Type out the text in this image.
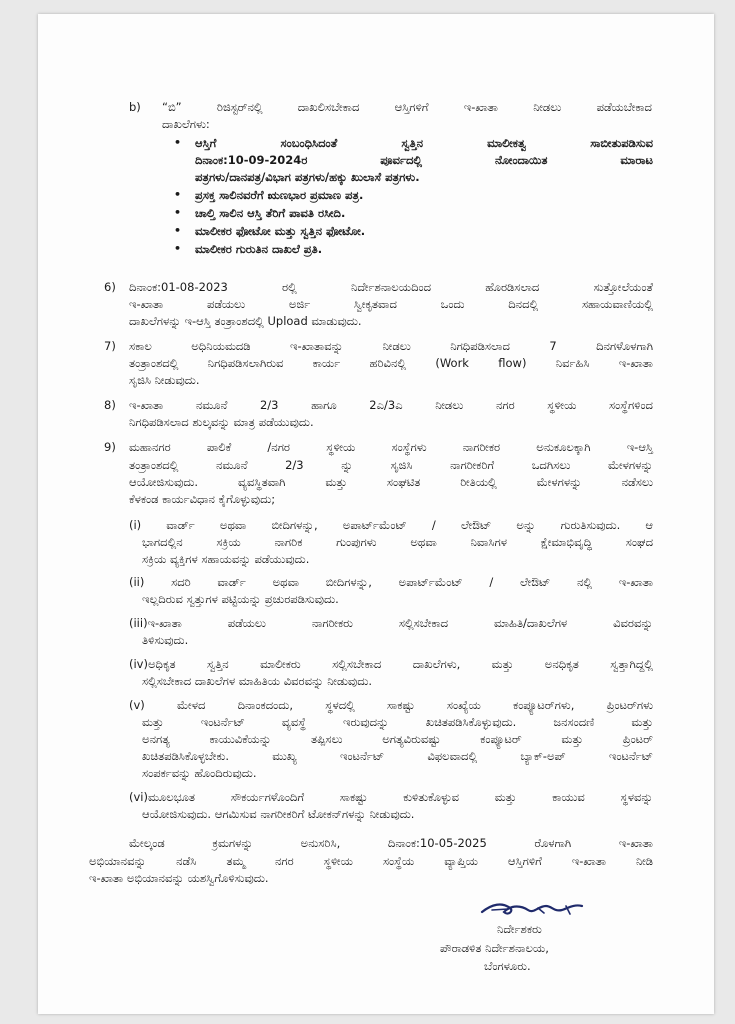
b) “ಬಿ” ರಿಜಿಸ್ಟರ್‌ನಲ್ಲಿ ದಾಖಲಿಸಬೇಕಾದ ಆಸ್ತಿಗಳಿಗೆ ಇ-ಖಾತಾ ನೀಡಲು ಪಡೆಯಬೇಕಾದ
ದಾಖಲೆಗಳು:
• ಆಸ್ತಿಗೆ ಸಂಬಂಧಿಸಿದಂತೆ ಸ್ವತ್ತಿನ ಮಾಲೀಕತ್ವ ಸಾಬೀತುಪಡಿಸುವ
ದಿನಾಂಕ:10-09-2024ರ ಪೂರ್ವದಲ್ಲಿ ನೋಂದಾಯಿತ ಮಾರಾಟ
ಪತ್ರಗಳು/ದಾನಪತ್ರ/ವಿಭಾಗ ಪತ್ರಗಳು/ಹಕ್ಕು ಖುಲಾಸೆ ಪತ್ರಗಳು.
• ಪ್ರಸಕ್ತ ಸಾಲಿನವರೆಗೆ ಋಣಭಾರ ಪ್ರಮಾಣ ಪತ್ರ.
• ಚಾಲ್ತಿ ಸಾಲಿನ ಆಸ್ತಿ ತೆರಿಗೆ ಪಾವತಿ ರಸೀದಿ.
• ಮಾಲೀಕರ ಫೋಟೋ ಮತ್ತು ಸ್ವತ್ತಿನ ಫೋಟೋ.
• ಮಾಲೀಕರ ಗುರುತಿನ ದಾಖಲೆ ಪ್ರತಿ.
6) ದಿನಾಂಕ:01-08-2023 ರಲ್ಲಿ ನಿರ್ದೇಶನಾಲಯದಿಂದ ಹೊರಡಿಸಲಾದ ಸುತ್ತೋಲೆಯಂತೆ
ಇ-ಖಾತಾ ಪಡೆಯಲು ಅರ್ಜಿ ಸ್ವೀಕೃತವಾದ ಒಂದು ದಿನದಲ್ಲಿ ಸಹಾಯವಾಣಿಯಲ್ಲಿ
ದಾಖಲೆಗಳನ್ನು ಇ-ಆಸ್ತಿ ತಂತ್ರಾಂಶದಲ್ಲಿ Upload ಮಾಡುವುದು.
7) ಸಕಾಲ ಅಧಿನಿಯಮದಡಿ ಇ-ಖಾತಾವನ್ನು ನೀಡಲು ನಿಗಧಿಪಡಿಸಲಾದ 7 ದಿನಗಳೊಳಗಾಗಿ
ತಂತ್ರಾಂಶದಲ್ಲಿ ನಿಗಧಿಪಡಿಸಲಾಗಿರುವ ಕಾರ್ಯ ಹರಿವಿನಲ್ಲಿ (Work flow) ನಿರ್ವಹಿಸಿ ಇ-ಖಾತಾ
ಸೃಜಿಸಿ ನೀಡುವುದು.
8) ಇ-ಖಾತಾ ನಮೂನೆ 2/3 ಹಾಗೂ 2ಎ/3ಎ ನೀಡಲು ನಗರ ಸ್ಥಳೀಯ ಸಂಸ್ಥೆಗಳಿಂದ
ನಿಗಧಿಪಡಿಸಲಾದ ಶುಲ್ಕವನ್ನು ಮಾತ್ರ ಪಡೆಯುವುದು.
9) ಮಹಾನಗರ ಪಾಲಿಕೆ /ನಗರ ಸ್ಥಳೀಯ ಸಂಸ್ಥೆಗಳು ನಾಗರೀಕರ ಅನುಕೂಲಕ್ಕಾಗಿ ಇ-ಆಸ್ತಿ
ತಂತ್ರಾಂಶದಲ್ಲಿ ನಮೂನೆ 2/3 ನ್ನು ಸೃಜಿಸಿ ನಾಗರೀಕರಿಗೆ ಒದಗಿಸಲು ಮೇಳಗಳನ್ನು
ಆಯೋಜಿಸುವುದು. ವ್ಯವಸ್ಥಿತವಾಗಿ ಮತ್ತು ಸಂಘಟಿತ ರೀತಿಯಲ್ಲಿ ಮೇಳಗಳನ್ನು ನಡೆಸಲು
ಕೆಳಕಂಡ ಕಾರ್ಯವಿಧಾನ ಕೈಗೊಳ್ಳುವುದು;
(i) ವಾರ್ಡ್ ಅಥವಾ ಬೀದಿಗಳನ್ನು, ಅಪಾರ್ಟ್‌ಮೆಂಟ್ / ಲೇಔಟ್ ಅನ್ನು ಗುರುತಿಸುವುದು. ಆ
ಭಾಗದಲ್ಲಿನ ಸಕ್ರಿಯ ನಾಗರಿಕ ಗುಂಪುಗಳು ಅಥವಾ ನಿವಾಸಿಗಳ ಕ್ಷೇಮಾಭಿವೃದ್ಧಿ ಸಂಘದ
ಸಕ್ರಿಯ ವ್ಯಕ್ತಿಗಳ ಸಹಾಯವನ್ನು ಪಡೆಯುವುದು.
(ii) ಸದರಿ ವಾರ್ಡ್ ಅಥವಾ ಬೀದಿಗಳನ್ನು, ಅಪಾರ್ಟ್‌ಮೆಂಟ್ / ಲೇಔಟ್ ನಲ್ಲಿ ಇ-ಖಾತಾ
ಇಲ್ಲದಿರುವ ಸ್ವತ್ತುಗಳ ಪಟ್ಟಿಯನ್ನು ಪ್ರಚುರಪಡಿಸುವುದು.
(iii)ಇ-ಖಾತಾ ಪಡೆಯಲು ನಾಗರೀಕರು ಸಲ್ಲಿಸಬೇಕಾದ ಮಾಹಿತಿ/ದಾಖಲೆಗಳ ವಿವರವನ್ನು
ತಿಳಿಸುವುದು.
(iv)ಅಧಿಕೃತ ಸ್ವತ್ತಿನ ಮಾಲೀಕರು ಸಲ್ಲಿಸಬೇಕಾದ ದಾಖಲೆಗಳು, ಮತ್ತು ಅನಧಿಕೃತ ಸ್ವತ್ತಾಗಿದ್ದಲ್ಲಿ
ಸಲ್ಲಿಸಬೇಕಾದ ದಾಖಲೆಗಳ ಮಾಹಿತಿಯ ವಿವರವನ್ನು ನೀಡುವುದು.
(v) ಮೇಳದ ದಿನಾಂಕದಂದು, ಸ್ಥಳದಲ್ಲಿ ಸಾಕಷ್ಟು ಸಂಖ್ಯೆಯ ಕಂಪ್ಯೂಟರ್‌ಗಳು, ಪ್ರಿಂಟರ್‌ಗಳು
ಮತ್ತು ಇಂಟರ್ನೆಟ್ ವ್ಯವಸ್ಥೆ ಇರುವುದನ್ನು ಖಚಿತಪಡಿಸಿಕೊಳ್ಳುವುದು. ಜನಸಂದಣಿ ಮತ್ತು
ಅನಗತ್ಯ ಕಾಯುವಿಕೆಯನ್ನು ತಪ್ಪಿಸಲು ಅಗತ್ಯವಿರುವಷ್ಟು ಕಂಪ್ಯೂಟರ್ ಮತ್ತು ಪ್ರಿಂಟರ್
ಖಚಿತಪಡಿಸಿಕೊಳ್ಳಬೇಕು. ಮುಖ್ಯ ಇಂಟರ್ನೆಟ್ ವಿಫಲವಾದಲ್ಲಿ ಬ್ಯಾಕ್-ಅಪ್ ಇಂಟರ್ನೆಟ್
ಸಂಪರ್ಕವನ್ನು ಹೊಂದಿರುವುದು.
(vi)ಮೂಲಭೂತ ಸೌಕರ್ಯಗಳೊಂದಿಗೆ ಸಾಕಷ್ಟು ಕುಳಿತುಕೊಳ್ಳುವ ಮತ್ತು ಕಾಯುವ ಸ್ಥಳವನ್ನು
ಆಯೋಜಿಸುವುದು. ಆಗಮಿಸುವ ನಾಗರೀಕರಿಗೆ ಟೋಕನ್‌ಗಳನ್ನು ನೀಡುವುದು.
ಮೇಲ್ಕಂಡ ಕ್ರಮಗಳನ್ನು ಅನುಸರಿಸಿ, ದಿನಾಂಕ:10-05-2025 ರೊಳಗಾಗಿ ಇ-ಖಾತಾ
ಅಭಿಯಾನವನ್ನು ನಡೆಸಿ ತಮ್ಮ ನಗರ ಸ್ಥಳೀಯ ಸಂಸ್ಥೆಯ ವ್ಯಾಪ್ತಿಯ ಆಸ್ತಿಗಳಿಗೆ ಇ-ಖಾತಾ ನೀಡಿ
ಇ-ಖಾತಾ ಅಭಿಯಾನವನ್ನು ಯಶಸ್ವಿಗೊಳಿಸುವುದು.
ನಿರ್ದೇಶಕರು
ಪೌರಾಡಳಿತ ನಿರ್ದೇಶನಾಲಯ,
ಬೆಂಗಳೂರು.
